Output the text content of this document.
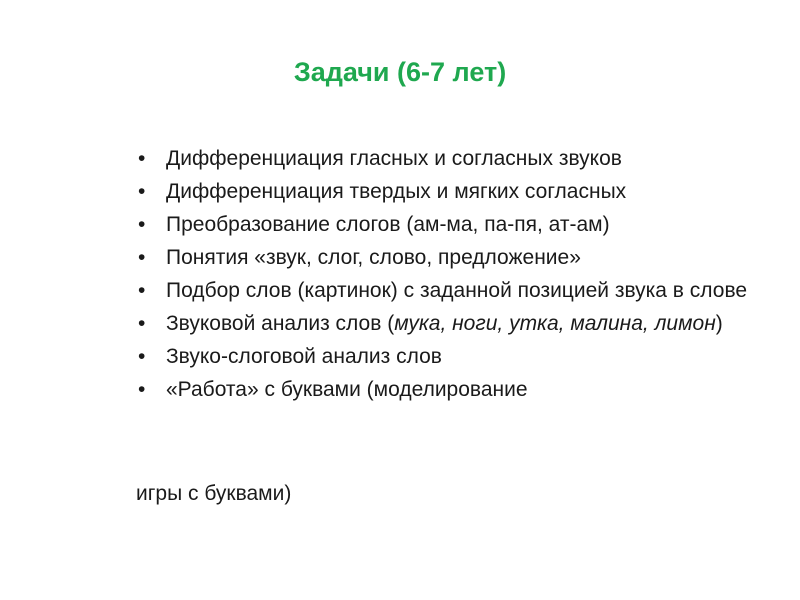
Задачи (6-7 лет)
• Дифференциация гласных и согласных звуков
• Дифференциация твердых и мягких согласных
• Преобразование слогов (ам-ма, па-пя, ат-ам)
• Понятия «звук, слог, слово, предложение»
• Подбор слов (картинок) с заданной позицией звука в слове
• Звуковой анализ слов (мука, ноги, утка, малина, лимон)
• Звуко-слоговой анализ слов
• «Работа» с буквами (моделирование

игры с буквами)
